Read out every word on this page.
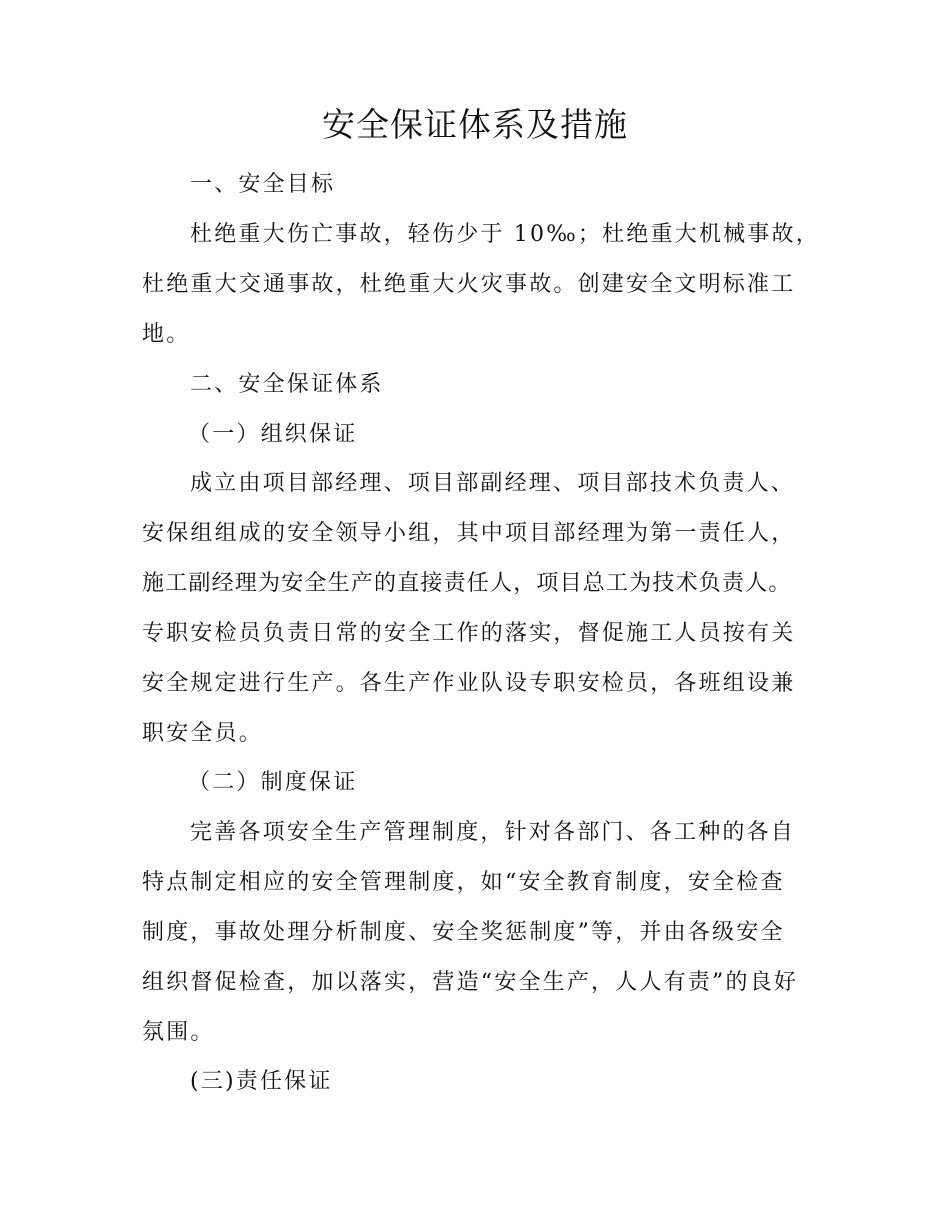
安全保证体系及措施
一、安全目标
杜绝重大伤亡事故，轻伤少于 10‰；杜绝重大机械事故，
杜绝重大交通事故，杜绝重大火灾事故。创建安全文明标准工
地。
二、安全保证体系
（一）组织保证
成立由项目部经理、项目部副经理、项目部技术负责人、
安保组组成的安全领导小组，其中项目部经理为第一责任人，
施工副经理为安全生产的直接责任人，项目总工为技术负责人。
专职安检员负责日常的安全工作的落实，督促施工人员按有关
安全规定进行生产。各生产作业队设专职安检员，各班组设兼
职安全员。
（二）制度保证
完善各项安全生产管理制度，针对各部门、各工种的各自
特点制定相应的安全管理制度，如“安全教育制度，安全检查
制度，事故处理分析制度、安全奖惩制度”等，并由各级安全
组织督促检查，加以落实，营造“安全生产，人人有责”的良好
氛围。
(三)责任保证
